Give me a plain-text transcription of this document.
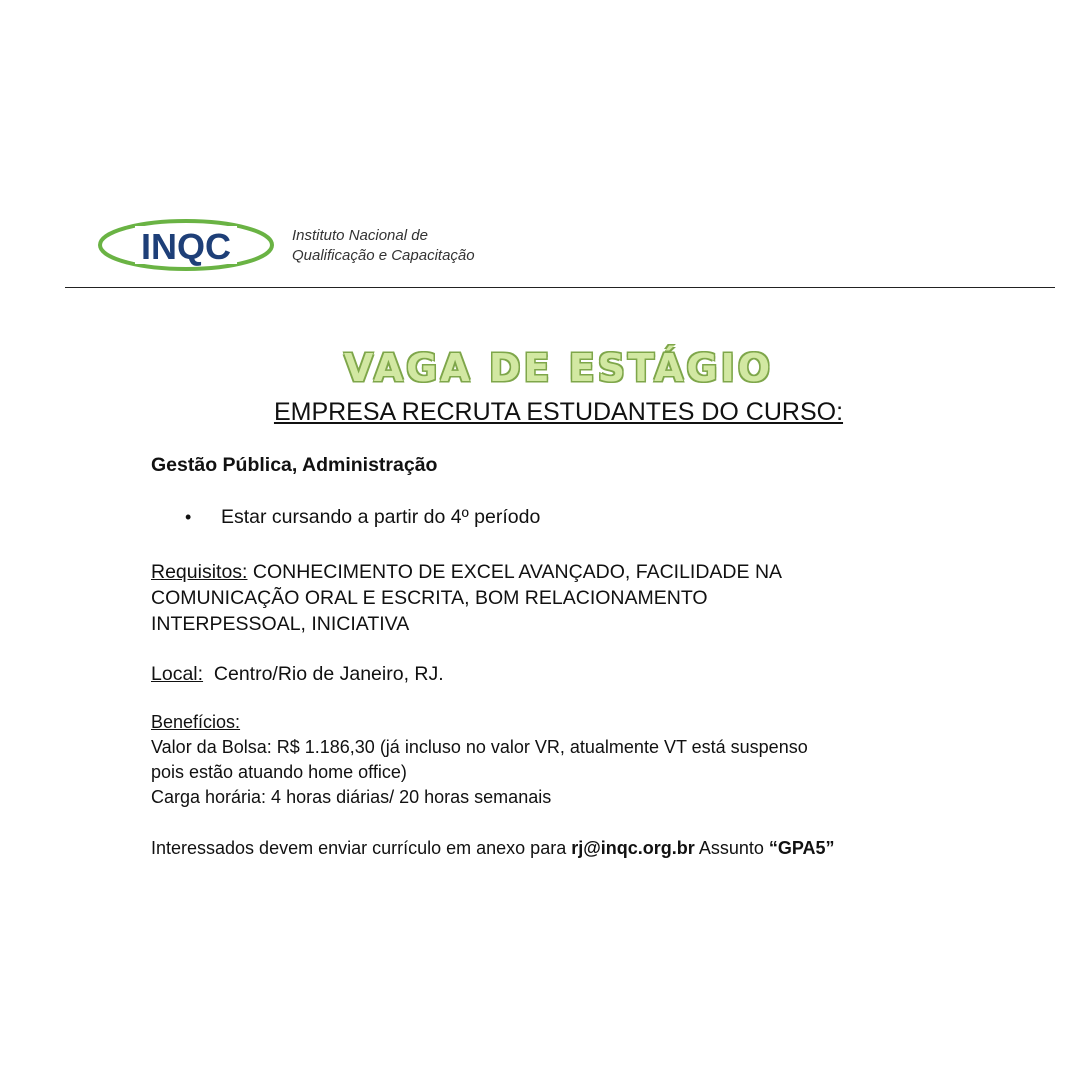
INQC	Instituto Nacional de
Qualificação e Capacitação
VAGA DE ESTÁGIO
EMPRESA RECRUTA ESTUDANTES DO CURSO:

Gestão Pública, Administração

• Estar cursando a partir do 4º período
Requisitos: CONHECIMENTO DE EXCEL AVANÇADO, FACILIDADE NA
COMUNICAÇÃO ORAL E ESCRITA, BOM RELACIONAMENTO
INTERPESSOAL, INICIATIVA
Local: Centro/Rio de Janeiro, RJ.
Benefícios:
Valor da Bolsa: R$ 1.186,30 (já incluso no valor VR, atualmente VT está suspenso
pois estão atuando home office)
Carga horária: 4 horas diárias/ 20 horas semanais
Interessados devem enviar currículo em anexo para rj@inqc.org.br Assunto “GPA5”
